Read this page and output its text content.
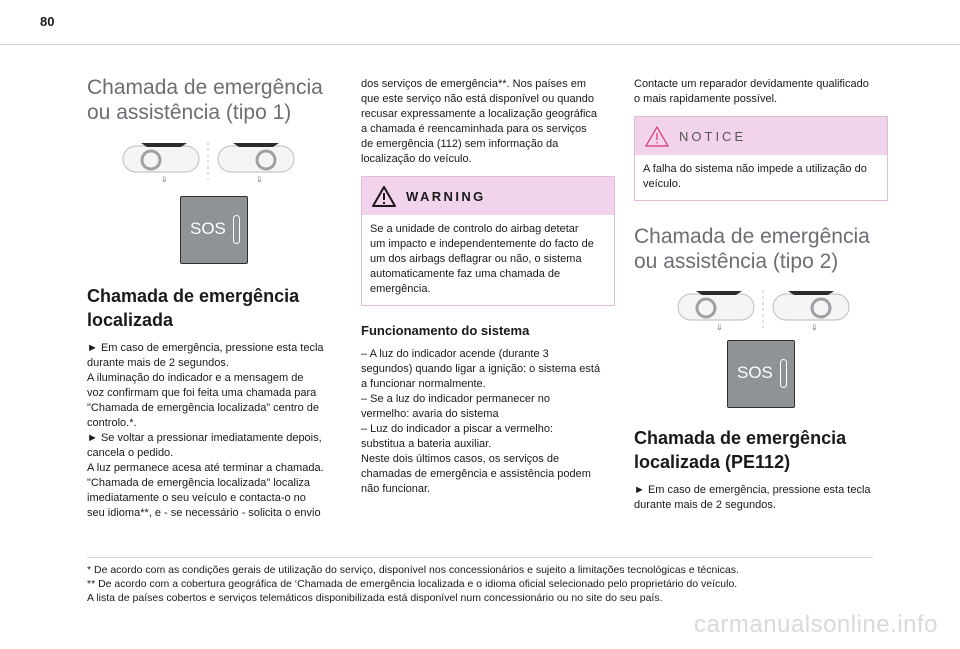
80
Chamada de emergência
ou assistência (tipo 1)
⇓	⇓
SOS
Chamada de emergência
localizada

► Em caso de emergência, pressione esta tecla

durante mais de 2 segundos.

A iluminação do indicador e a mensagem de

voz confirmam que foi feita uma chamada para

"Chamada de emergência localizada” centro de

controlo.*.

► Se voltar a pressionar imediatamente depois,

cancela o pedido.

A luz permanece acesa até terminar a chamada.

"Chamada de emergência localizada" localiza

imediatamente o seu veículo e contacta-o no

seu idioma**, e - se necessário - solicita o envio

dos serviços de emergência**. Nos países em

que este serviço não está disponível ou quando

recusar expressamente a localização geográfica

a chamada é reencaminhada para os serviços

de emergência (112) sem informação da

localização do veículo.

WARNING
Se a unidade de controlo do airbag detetar
um impacto e independentemente do facto de
um dos airbags deflagrar ou não, o sistema
automaticamente faz uma chamada de
emergência.
Funcionamento do sistema

– A luz do indicador acende (durante 3

segundos) quando ligar a ignição: o sistema está

a funcionar normalmente.

– Se a luz do indicador permanecer no

vermelho: avaria do sistema

– Luz do indicador a piscar a vermelho:

substitua a bateria auxiliar.

Neste dois últimos casos, os serviços de

chamadas de emergência e assistência podem

não funcionar.

Contacte um reparador devidamente qualificado

o mais rapidamente possível.

NOTICE
A falha do sistema não impede a utilização do
veículo.
Chamada de emergência
ou assistência (tipo 2)
⇓	⇓
SOS
Chamada de emergência
localizada (PE112)

► Em caso de emergência, pressione esta tecla

durante mais de 2 segundos.

* De acordo com as condições gerais de utilização do serviço, disponível nos concessionários e sujeito a limitações tecnológicas e técnicas.
** De acordo com a cobertura geográfica de ‘Chamada de emergência localizada e o idioma oficial selecionado pelo proprietário do veículo.
A lista de países cobertos e serviços telemáticos disponibilizada está disponível num concessionário ou no site do seu país.
carmanualsonline.info
